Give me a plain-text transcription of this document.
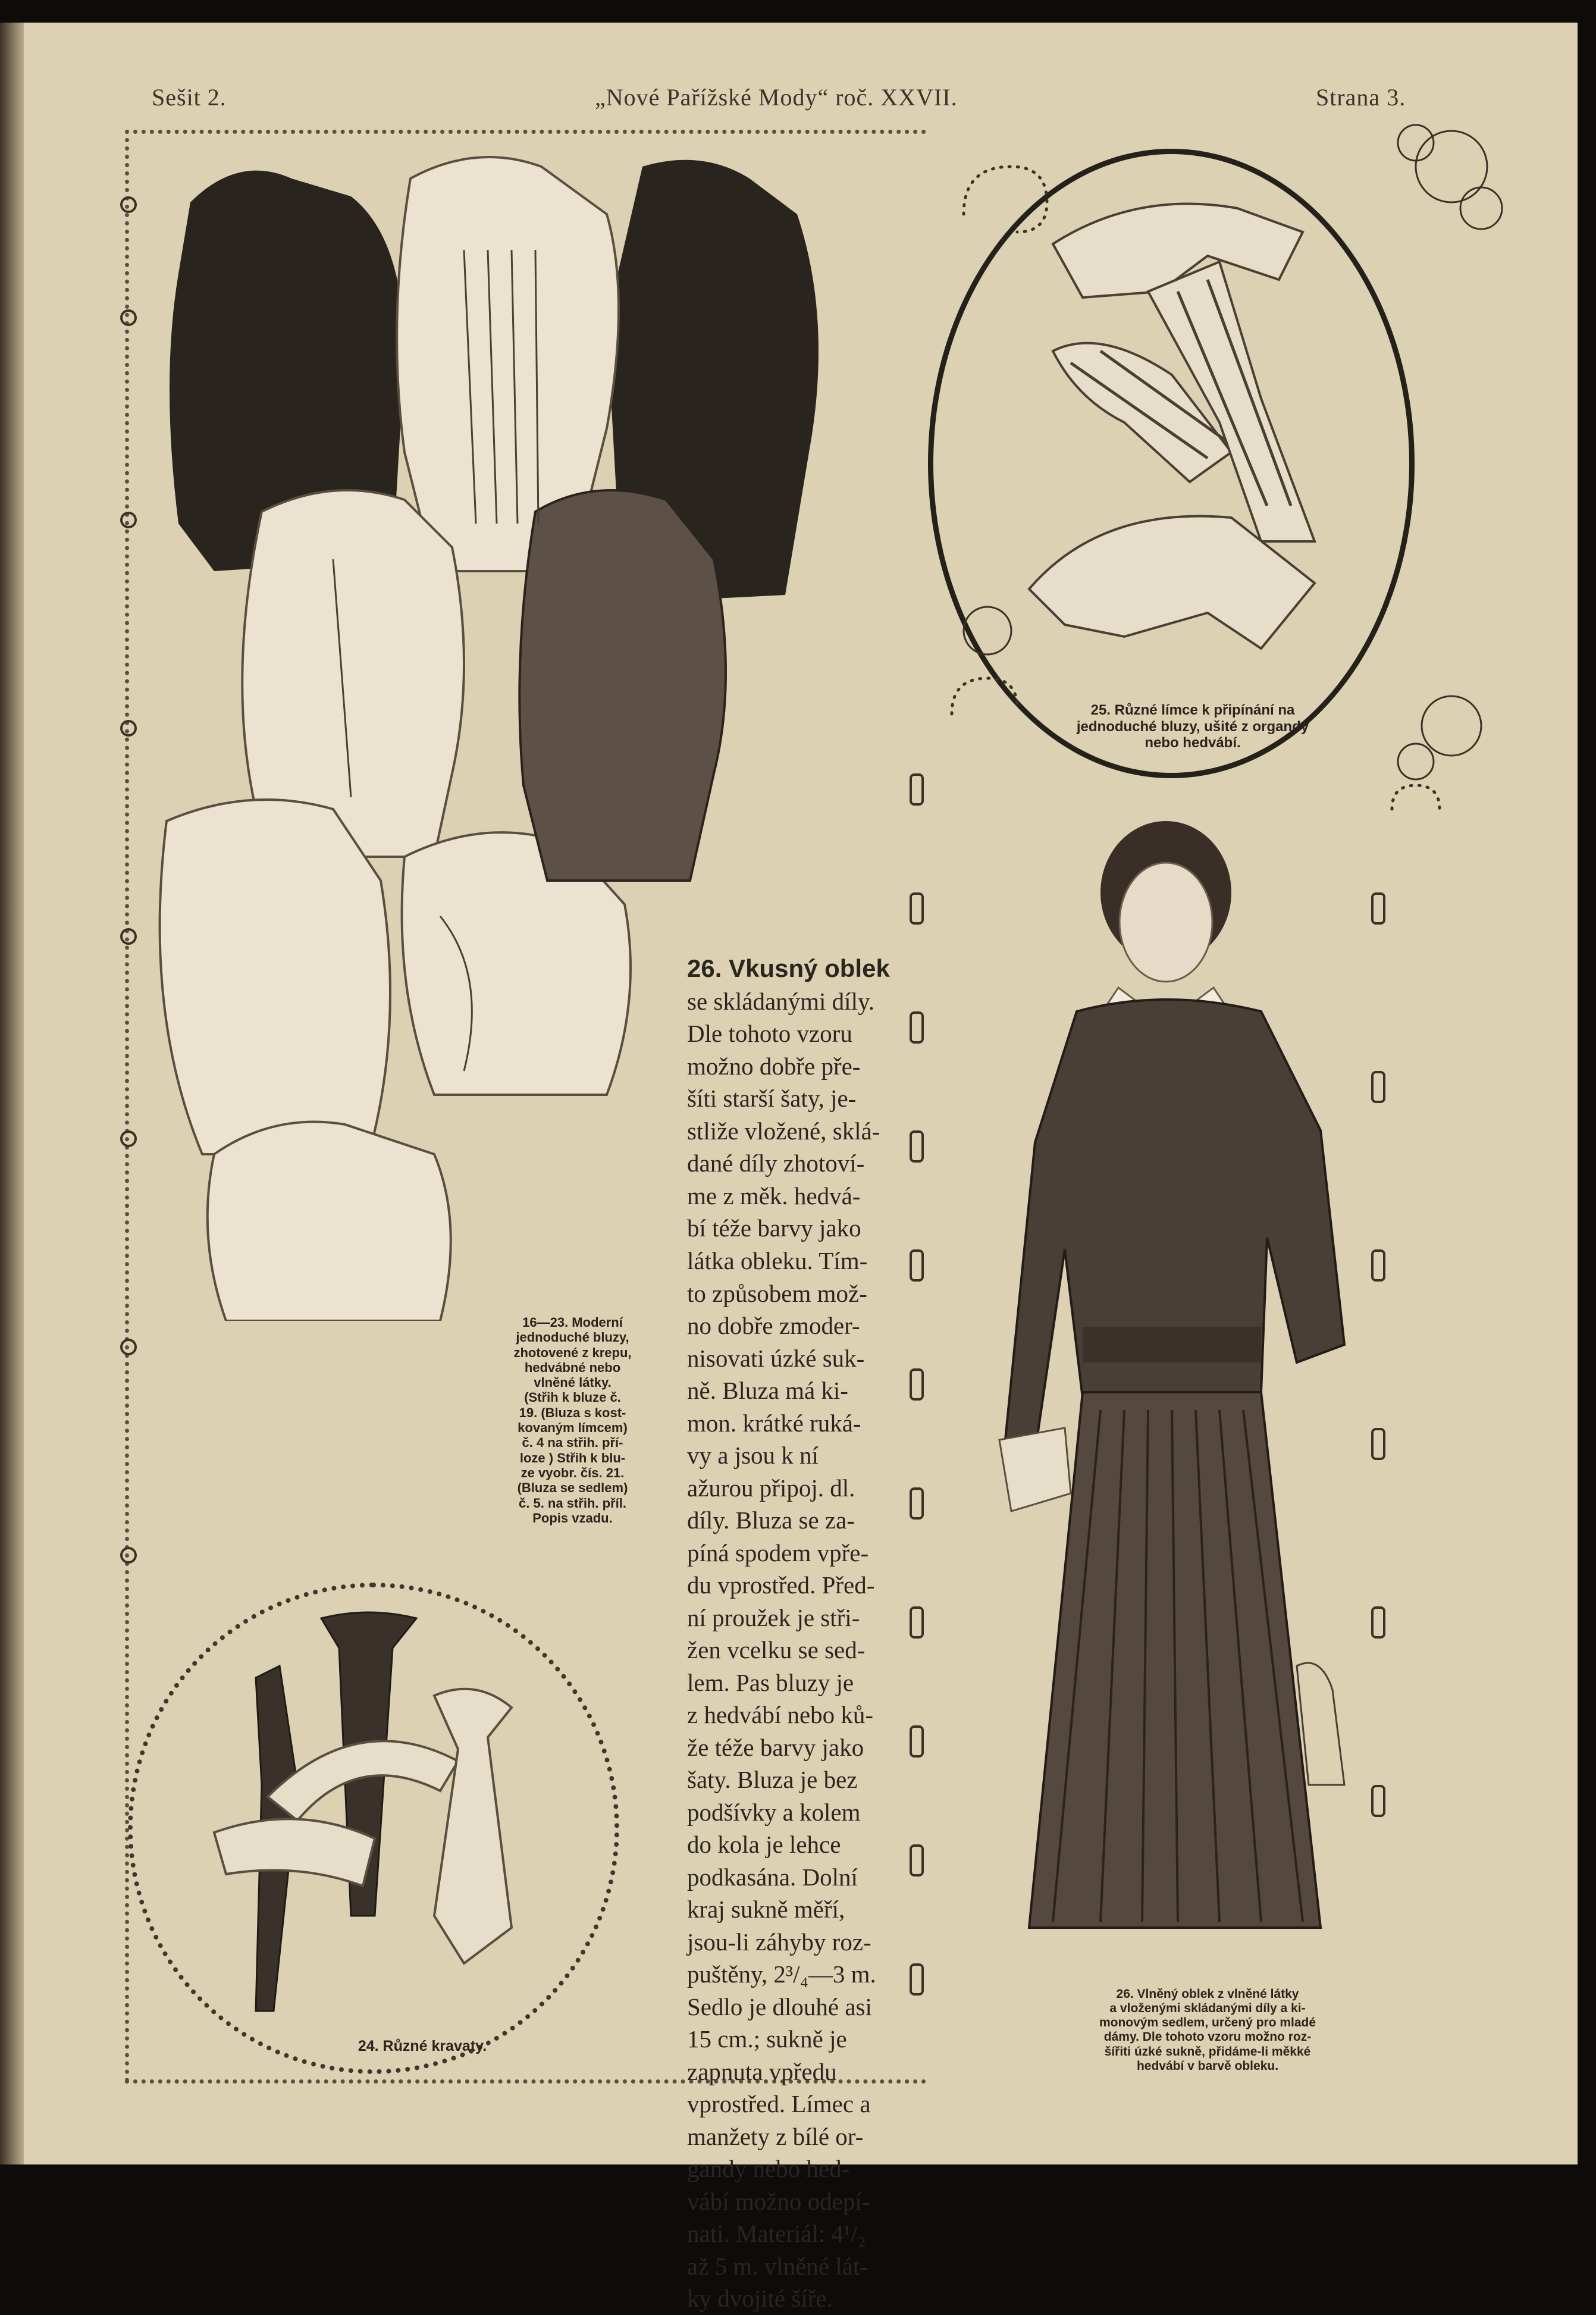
Sešit 2.	„Nové Pařížské Mody“ roč. XXVII.	Strana 3.
16—23. Moderní
jednoduché bluzy,
zhotovené z krepu,
hedvábné nebo
vlněné látky.
(Střih k bluze č.
19. (Bluza s kost-
kovaným límcem)
č. 4 na střih. pří-
loze ) Střih k blu-
ze vyobr. čís. 21.
(Bluza se sedlem)
č. 5. na střih. příl.
Popis vzadu.
24. Různé kravaty.
25. Různé límce k připínání na
jednoduché bluzy, ušité z organdy
nebo hedvábí.
26. Vkusný oblek
se skládanými díly.
Dle tohoto vzoru
možno dobře pře-
šíti starší šaty, je-
stliže vložené, sklá-
dané díly zhotoví-
me z měk. hedvá-
bí téže barvy jako
látka obleku. Tím-
to způsobem mož-
no dobře zmoder-
nisovati úzké suk-
ně. Bluza má ki-
mon. krátké ruká-
vy a jsou k ní
ažurou připoj. dl.
díly. Bluza se za-
píná spodem vpře-
du vprostřed. Před-
ní proužek je stři-
žen vcelku se sed-
lem. Pas bluzy je
z hedvábí nebo ků-
že téže barvy jako
šaty. Bluza je bez
podšívky a kolem
do kola je lehce
podkasána. Dolní
kraj sukně měří,
jsou-li záhyby roz-
puštěny, 2³/₄—3 m.
Sedlo je dlouhé asi
15 cm.; sukně je
zapnuta vpředu
vprostřed. Límec a
manžety z bílé or-
gandy nebo hed-
vábí možno odepí-
nati. Materiál: 4¹/₂
až 5 m. vlněné lát-
ky dvojité šíře.
26. Vlněný oblek z vlněné látky
a vloženými skládanými díly a ki-
monovým sedlem, určený pro mladé
dámy. Dle tohoto vzoru možno roz-
šířiti úzké sukně, přidáme-li měkké
hedvábí v barvě obleku.
